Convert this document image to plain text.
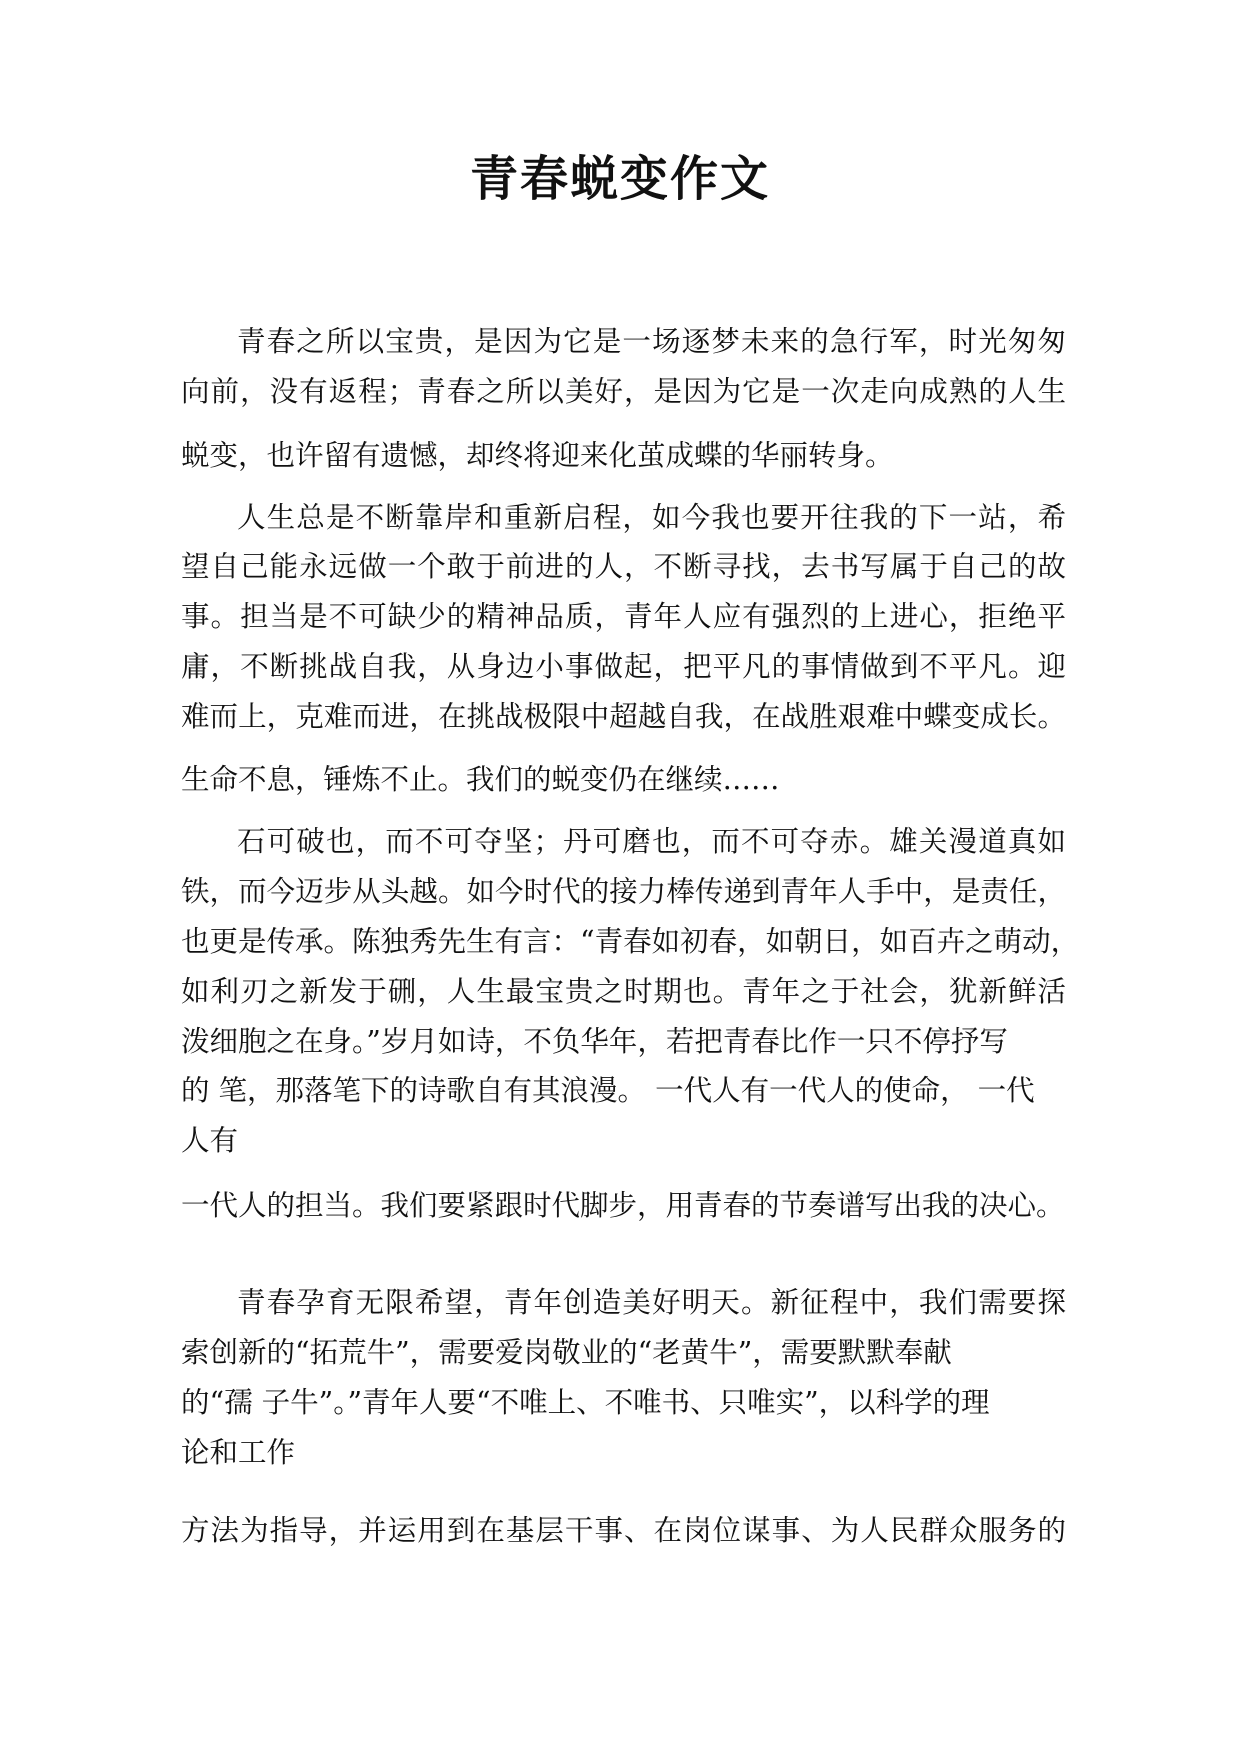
青春蜕变作文

青春之所以宝贵，是因为它是一场逐梦未来的急行军，时光匆匆

向前，没有返程；青春之所以美好，是因为它是一次走向成熟的人生

蜕变，也许留有遗憾，却终将迎来化茧成蝶的华丽转身。

人生总是不断靠岸和重新启程，如今我也要开往我的下一站，希

望自己能永远做一个敢于前进的人，不断寻找，去书写属于自己的故

事。担当是不可缺少的精神品质，青年人应有强烈的上进心，拒绝平

庸，不断挑战自我，从身边小事做起，把平凡的事情做到不平凡。迎

难而上，克难而进，在挑战极限中超越自我，在战胜艰难中蝶变成长。

生命不息，锤炼不止。我们的蜕变仍在继续……

石可破也，而不可夺坚；丹可磨也，而不可夺赤。雄关漫道真如

铁，而今迈步从头越。如今时代的接力棒传递到青年人手中，是责任，

也更是传承。陈独秀先生有言：“青春如初春，如朝日，如百卉之萌动，

如利刃之新发于硎，人生最宝贵之时期也。青年之于社会，犹新鲜活

泼细胞之在身。”岁月如诗，不负华年，若把青春比作一只不停抒写

的 笔，那落笔下的诗歌自有其浪漫。 一代人有一代人的使命， 一代

人有

一代人的担当。我们要紧跟时代脚步，用青春的节奏谱写出我的决心。

青春孕育无限希望，青年创造美好明天。新征程中，我们需要探

索创新的“拓荒牛”，需要爱岗敬业的“老黄牛”，需要默默奉献

的“孺 子牛”。”青年人要“不唯上、不唯书、只唯实”，以科学的理

论和工作

方法为指导，并运用到在基层干事、在岗位谋事、为人民群众服务的
